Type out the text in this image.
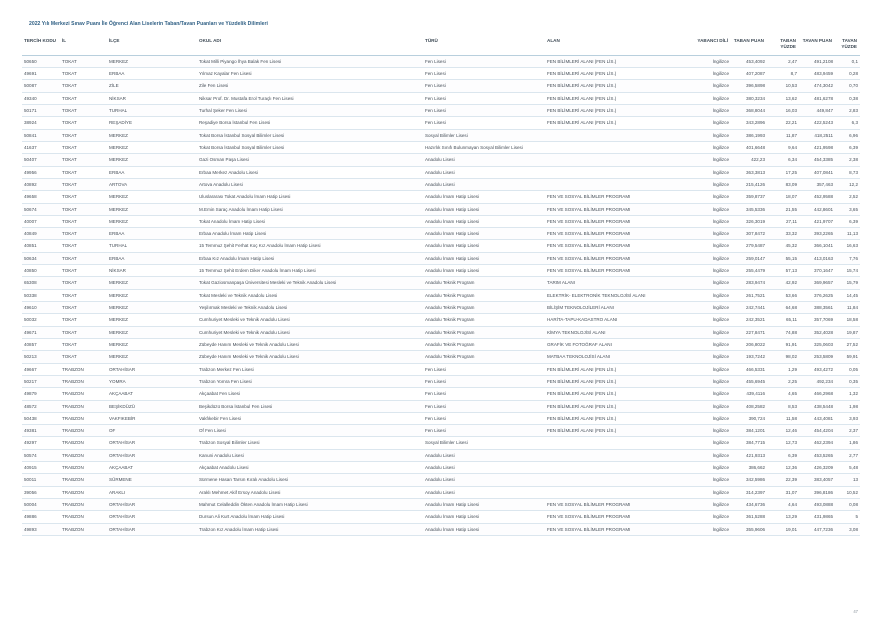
2022 Yılı Merkezi Sınav Puanı İle Öğrenci Alan Liselerin Taban/Tavan Puanları ve Yüzdelik Dilimleri
TERCİH KODU	İL	İLÇE	OKUL ADI	TÜRÜ	ALAN	YABANCI DİLİ	TABAN PUAN	TABAN YÜZDE	TAVAN PUAN	TAVAN YÜZDE
50650	TOKAT	MERKEZ	Tokat Milli Piyango İhya Balak Fen Lisesi	Fen Lisesi	FEN BİLİMLERİ ALANI (FEN LİS.)	İngilizce	453,4092	2,47	491,2108	0,1
49691	TOKAT	ERBAA	Yılmaz Kayalar Fen Lisesi	Fen Lisesi	FEN BİLİMLERİ ALANI (FEN LİS.)	İngilizce	407,2087	8,7	483,9459	0,28
50087	TOKAT	ZİLE	Zile Fen Lisesi	Fen Lisesi	FEN BİLİMLERİ ALANI (FEN LİS.)	İngilizce	396,5898	10,53	474,3042	0,70
49340	TOKAT	NİKSAR	Niksar Prof. Dr. Mustafa Erol Turaçlı Fen Lisesi	Fen Lisesi	FEN BİLİMLERİ ALANI (FEN LİS.)	İngilizce	380,3234	13,62	481,6278	0,38
50171	TOKAT	TURHAL	Turhal Şeker Fen Lisesi	Fen Lisesi	FEN BİLİMLERİ ALANI (FEN LİS.)	İngilizce	368,8044	16,03	449,847	2,83
38924	TOKAT	REŞADİYE	Reşadiye Borsa İstanbul Fen Lisesi	Fen Lisesi	FEN BİLİMLERİ ALANI (FEN LİS.)	İngilizce	343,2896	22,21	422,5243	6,3
50841	TOKAT	MERKEZ	Tokat Borsa İstanbul Sosyal Bilimler Lisesi	Sosyal Bilimler Lisesi		İngilizce	386,1993	11,87	418,2511	6,96
41637	TOKAT	MERKEZ	Tokat Borsa İstanbul Sosyal Bilimler Lisesi	Hazırlık Sınıfı Bulunmayan Sosyal Bilimler Lisesi		İngilizce	401,6648	9,64	421,9598	6,39
50407	TOKAT	MERKEZ	Gazi Osman Paşa Lisesi	Anadolu Lisesi		İngilizce	422,23	6,34	454,3385	2,38
49956	TOKAT	ERBAA	Erbaa Merkez Anadolu Lisesi	Anadolu Lisesi		İngilizce	363,3813	17,25	407,0841	8,73
40892	TOKAT	ARTOVA	Artova Anadolu Lisesi	Anadolu Lisesi		İngilizce	215,4126	83,09	357,463	12,2
49658	TOKAT	MERKEZ	Uluslararası Tokat Anadolu İmam Hatip Lisesi	Anadolu İmam Hatip Lisesi	FEN VE SOSYAL BİLİMLER PROGRAMI	İngilizce	359,8737	18,07	452,9588	2,52
50674	TOKAT	MERKEZ	M.Emin Saraç Anadolu İmam Hatip Lisesi	Anadolu İmam Hatip Lisesi	FEN VE SOSYAL BİLİMLER PROGRAMI	İngilizce	345,5336	21,55	442,8601	3,65
40007	TOKAT	MERKEZ	Tokat Anadolu İmam Hatip Lisesi	Anadolu İmam Hatip Lisesi	FEN VE SOSYAL BİLİMLER PROGRAMI	İngilizce	326,3019	27,11	421,9707	6,39
40849	TOKAT	ERBAA	Erbaa Anadolu İmam Hatip Lisesi	Anadolu İmam Hatip Lisesi	FEN VE SOSYAL BİLİMLER PROGRAMI	İngilizce	307,8472	33,32	393,2265	11,13
40851	TOKAT	TURHAL	15 Temmuz Şehit Ferhat Koç Kız Anadolu İmam Hatip Lisesi	Anadolu İmam Hatip Lisesi	FEN VE SOSYAL BİLİMLER PROGRAMI	İngilizce	279,5487	45,32	366,1041	16,63
50634	TOKAT	ERBAA	Erbaa Kız Anadolu İmam Hatip Lisesi	Anadolu İmam Hatip Lisesi	FEN VE SOSYAL BİLİMLER PROGRAMI	İngilizce	259,0147	55,15	413,0163	7,76
40850	TOKAT	NİKSAR	15 Temmuz Şehit Erdem Diker Anadolu İmam Hatip Lisesi	Anadolu İmam Hatip Lisesi	FEN VE SOSYAL BİLİMLER PROGRAMI	İngilizce	255,4479	57,13	370,1647	15,74
65308	TOKAT	MERKEZ	Tokat Gaziosmanpaşa Üniversitesi Mesleki ve Teknik Anadolu Lisesi	Anadolu Teknik Program	TARIM ALANI	İngilizce	283,9474	42,92	369,9657	15,79
50338	TOKAT	MERKEZ	Tokat Mesleki ve Teknik Anadolu Lisesi	Anadolu Teknik Program	ELEKTRİK- ELEKTRONİK TEKNOLOJİSİ ALANI	İngilizce	261,7521	53,66	376,2625	14,45
49610	TOKAT	MERKEZ	Yeşilırmak Mesleki ve Teknik Anadolu Lisesi	Anadolu Teknik Program	BİLİŞİM TEKNOLOJİLERİ ALANI	İngilizce	242,7441	64,68	388,3561	11,84
50032	TOKAT	MERKEZ	Cumhuriyet Mesleki ve Teknik Anadolu Lisesi	Anadolu Teknik Program	HARİTA-TAPU-KADASTRO ALANI	İngilizce	242,3521	65,11	357,7069	18,58
49671	TOKAT	MERKEZ	Cumhuriyet Mesleki ve Teknik Anadolu Lisesi	Anadolu Teknik Program	KİMYA TEKNOLOJİSİ ALANI	İngilizce	227,8471	74,88	352,4028	19,87
40857	TOKAT	MERKEZ	Zübeyde Hanım Mesleki ve Teknik Anadolu Lisesi	Anadolu Teknik Program	GRAFİK VE FOTOĞRAF ALANI	İngilizce	206,8022	91,91	325,0603	27,52
50213	TOKAT	MERKEZ	Zübeyde Hanım Mesleki ve Teknik Anadolu Lisesi	Anadolu Teknik Program	MATBAA TEKNOLOJİSİ ALANI	İngilizce	193,7242	98,02	253,5809	59,91
49667	TRABZON	ORTAHİSAR	Trabzon Merkez Fen Lisesi	Fen Lisesi	FEN BİLİMLERİ ALANI (FEN LİS.)	İngilizce	466,5331	1,29	493,4272	0,05
50217	TRABZON	YOMRA	Trabzon Yomra Fen Lisesi	Fen Lisesi	FEN BİLİMLERİ ALANI (FEN LİS.)	İngilizce	455,6945	2,25	492,234	0,35
49879	TRABZON	AKÇAABAT	Akçaabat Fen Lisesi	Fen Lisesi	FEN BİLİMLERİ ALANI (FEN LİS.)	İngilizce	439,4116	4,65	466,2968	1,32
48572	TRABZON	BEŞİKDÜZÜ	Beşikdüzü Borsa İstanbul Fen Lisesi	Fen Lisesi	FEN BİLİMLERİ ALANI (FEN LİS.)	İngilizce	408,2582	8,53	438,5448	1,98
50438	TRABZON	VAKFIKEBİR	Vakfıkebir Fen Lisesi	Fen Lisesi	FEN BİLİMLERİ ALANI (FEN LİS.)	İngilizce	390,724	11,58	443,4081	3,93
49381	TRABZON	OF	Of Fen Lisesi	Fen Lisesi	FEN BİLİMLERİ ALANI (FEN LİS.)	İngilizce	384,1201	12,46	454,4204	2,37
49297	TRABZON	ORTAHİSAR	Trabzon Sosyal Bilimler Lisesi	Sosyal Bilimler Lisesi		İngilizce	384,7715	12,73	462,2394	1,86
50574	TRABZON	ORTAHİSAR	Kanuni Anadolu Lisesi	Anadolu Lisesi		İngilizce	421,9313	6,39	453,5265	2,77
40915	TRABZON	AKÇAABAT	Akçaabat Anadolu Lisesi	Anadolu Lisesi		İngilizce	386,662	12,36	426,3209	5,48
50011	TRABZON	SÜRMENE	Sürmene Hasan Tarsın Kıralı Anadolu Lisesi	Anadolu Lisesi		İngilizce	342,5986	22,39	383,4057	13
39056	TRABZON	ARAKLI	Araklı Mehmet Akif Ersoy Anadolu Lisesi	Anadolu Lisesi		İngilizce	314,2397	31,07	396,8186	10,52
50004	TRABZON	ORTAHİSAR	Mahmut Celalleddin Ökten Anadolu İmam Hatip Lisesi	Anadolu İmam Hatip Lisesi	FEN VE SOSYAL BİLİMLER PROGRAMI	İngilizce	434,6736	4,64	493,0888	0,08
49886	TRABZON	ORTAHİSAR	Dursun Ali Kurt Anadolu İmam Hatip Lisesi	Anadolu İmam Hatip Lisesi	FEN VE SOSYAL BİLİMLER PROGRAMI	İngilizce	361,5288	13,29	431,9865	5
49893	TRABZON	ORTAHİSAR	Trabzon Kız Anadolu İmam Hatip Lisesi	Anadolu İmam Hatip Lisesi	FEN VE SOSYAL BİLİMLER PROGRAMI	İngilizce	355,9606	19,01	447,7236	3,08
47
